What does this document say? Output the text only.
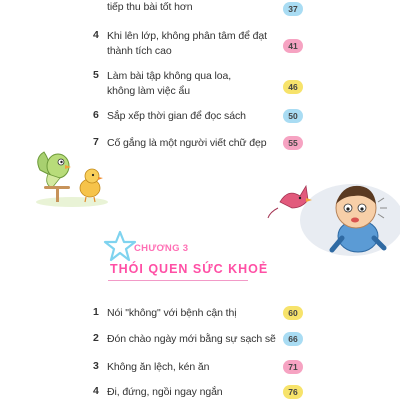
tiếp thu bài tốt hơn	37
4 Khi lên lớp, không phân tâm để đạt
thành tích cao	41
5 Làm bài tập không qua loa,
không làm việc ẩu	46
6 Sắp xếp thời gian để đọc sách	50
7 Cố gắng là một người viết chữ đẹp	55
CHƯƠNG 3
THÓI QUEN SỨC KHOẺ
1 Nói "không" với bệnh cận thị	60
2 Đón chào ngày mới bằng sự sạch sẽ	66
3 Không ăn lệch, kén ăn	71
4 Đi, đứng, ngồi ngay ngắn	76
